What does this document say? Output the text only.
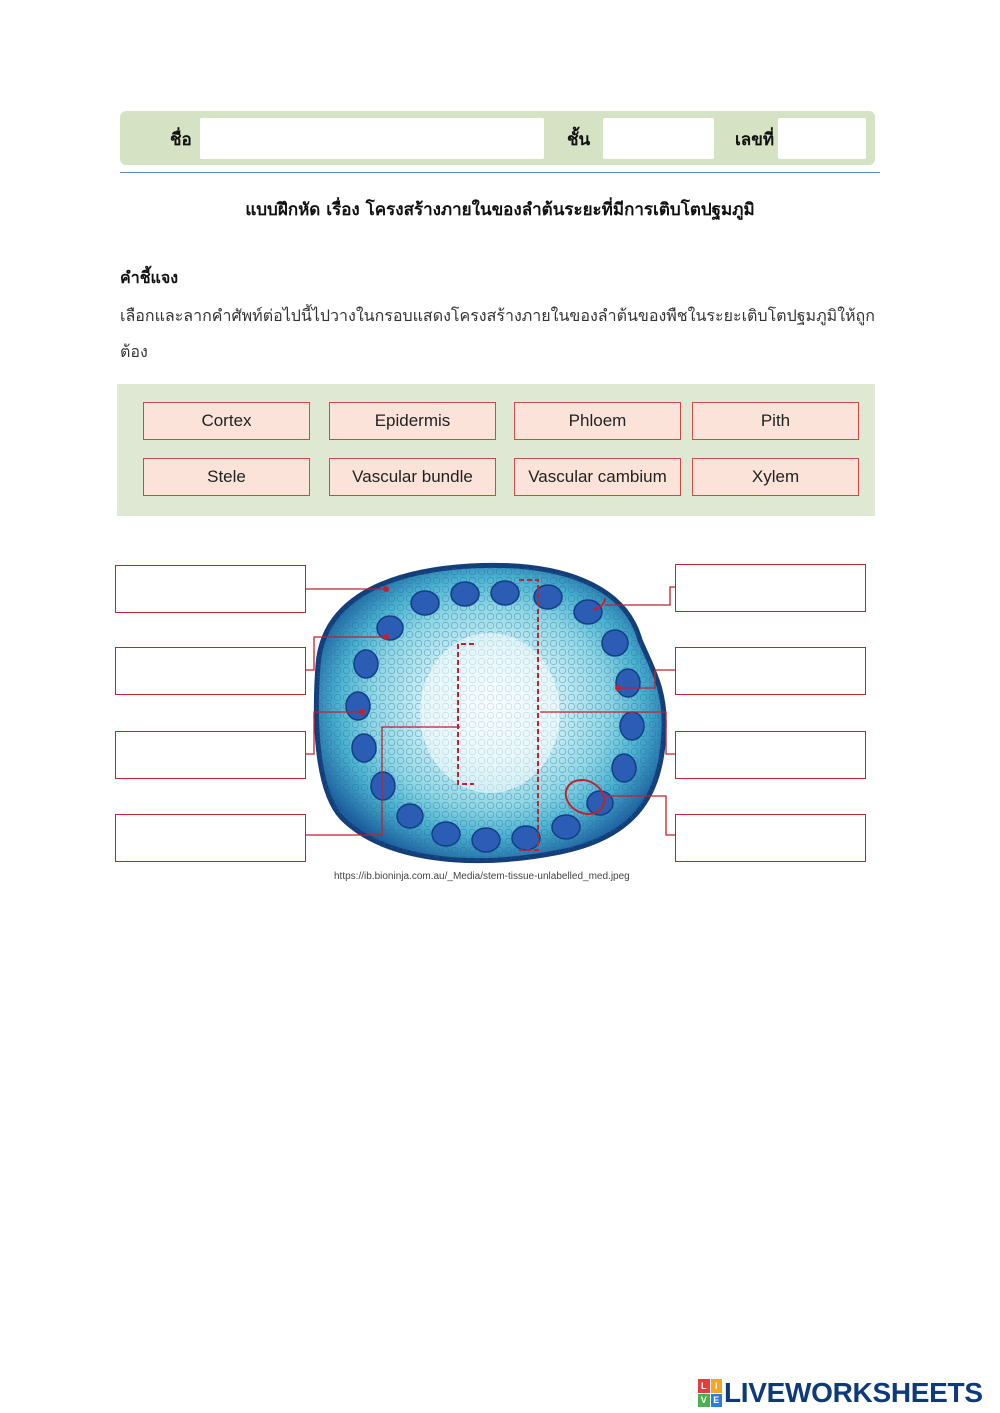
ชื่อ	ชั้น	เลขที่
แบบฝึกหัด เรื่อง โครงสร้างภายในของลำต้นระยะที่มีการเติบโตปฐมภูมิ
คำชี้แจง
เลือกและลากคำศัพท์ต่อไปนี้ไปวางในกรอบแสดงโครงสร้างภายในของลำต้นของพืชในระยะเติบโตปฐมภูมิให้ถูกต้อง
Cortex	Epidermis	Phloem	Pith
Stele	Vascular bundle	Vascular cambium	Xylem
https://ib.bioninja.com.au/_Media/stem-tissue-unlabelled_med.jpeg
L I
V E LIVEWORKSHEETS
